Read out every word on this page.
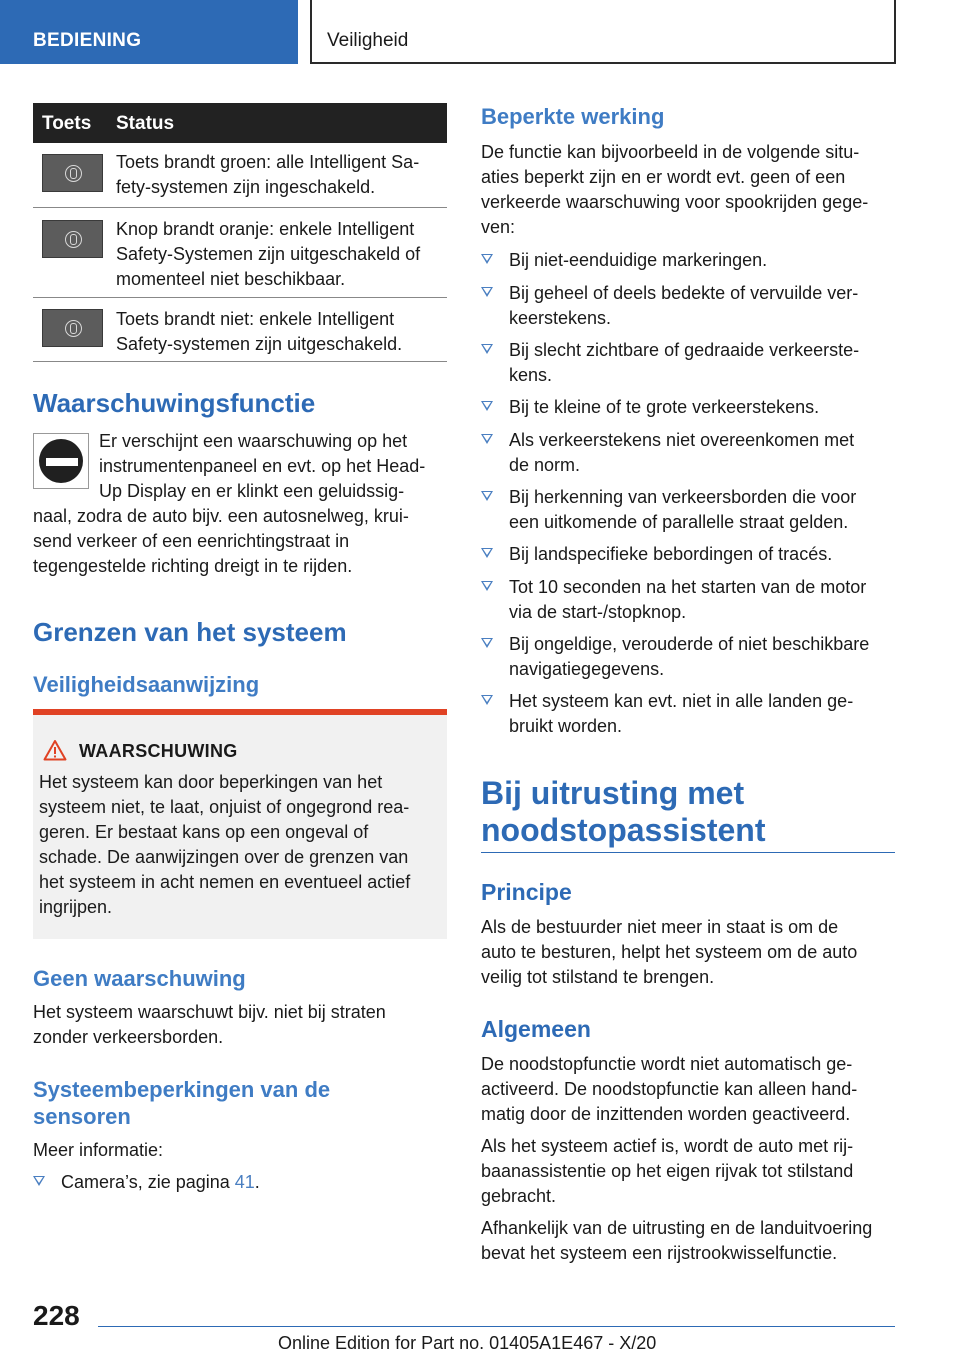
BEDIENING	Veiligheid
Toets Status
Toets brandt groen: alle Intelligent Sa-
fety-systemen zijn ingeschakeld.
Knop brandt oranje: enkele Intelligent
Safety-Systemen zijn uitgeschakeld of
momenteel niet beschikbaar.
Toets brandt niet: enkele Intelligent
Safety-systemen zijn uitgeschakeld.
Waarschuwingsfunctie
Er verschijnt een waarschuwing op het
instrumentenpaneel en evt. op het Head-
Up Display en er klinkt een geluidssig-
naal, zodra de auto bijv. een autosnelweg, krui-
send verkeer of een eenrichtingstraat in
tegengestelde richting dreigt in te rijden.
Grenzen van het systeem
Veiligheidsaanwijzing
WAARSCHUWING
Het systeem kan door beperkingen van het
systeem niet, te laat, onjuist of ongegrond rea-
geren. Er bestaat kans op een ongeval of
schade. De aanwijzingen over de grenzen van
het systeem in acht nemen en eventueel actief
ingrijpen.
Geen waarschuwing
Het systeem waarschuwt bijv. niet bij straten
zonder verkeersborden.
Systeembeperkingen van de
sensoren
Meer informatie:
Camera’s, zie pagina 41.
Beperkte werking
De functie kan bijvoorbeeld in de volgende situ-
aties beperkt zijn en er wordt evt. geen of een
verkeerde waarschuwing voor spookrijden gege-
ven:
Bij niet-eenduidige markeringen.
Bij geheel of deels bedekte of vervuilde ver-
keerstekens.
Bij slecht zichtbare of gedraaide verkeerste-
kens.
Bij te kleine of te grote verkeerstekens.
Als verkeerstekens niet overeenkomen met
de norm.
Bij herkenning van verkeersborden die voor
een uitkomende of parallelle straat gelden.
Bij landspecifieke bebordingen of tracés.
Tot 10 seconden na het starten van de motor
via de start-/stopknop.
Bij ongeldige, verouderde of niet beschikbare
navigatiegegevens.
Het systeem kan evt. niet in alle landen ge-
bruikt worden.
Bij uitrusting met
noodstopassistent
Principe
Als de bestuurder niet meer in staat is om de
auto te besturen, helpt het systeem om de auto
veilig tot stilstand te brengen.
Algemeen
De noodstopfunctie wordt niet automatisch ge-
activeerd. De noodstopfunctie kan alleen hand-
matig door de inzittenden worden geactiveerd.
Als het systeem actief is, wordt de auto met rij-
baanassistentie op het eigen rijvak tot stilstand
gebracht.
Afhankelijk van de uitrusting en de landuitvoering
bevat het systeem een rijstrookwisselfunctie.
228
Online Edition for Part no. 01405A1E467 - X/20
